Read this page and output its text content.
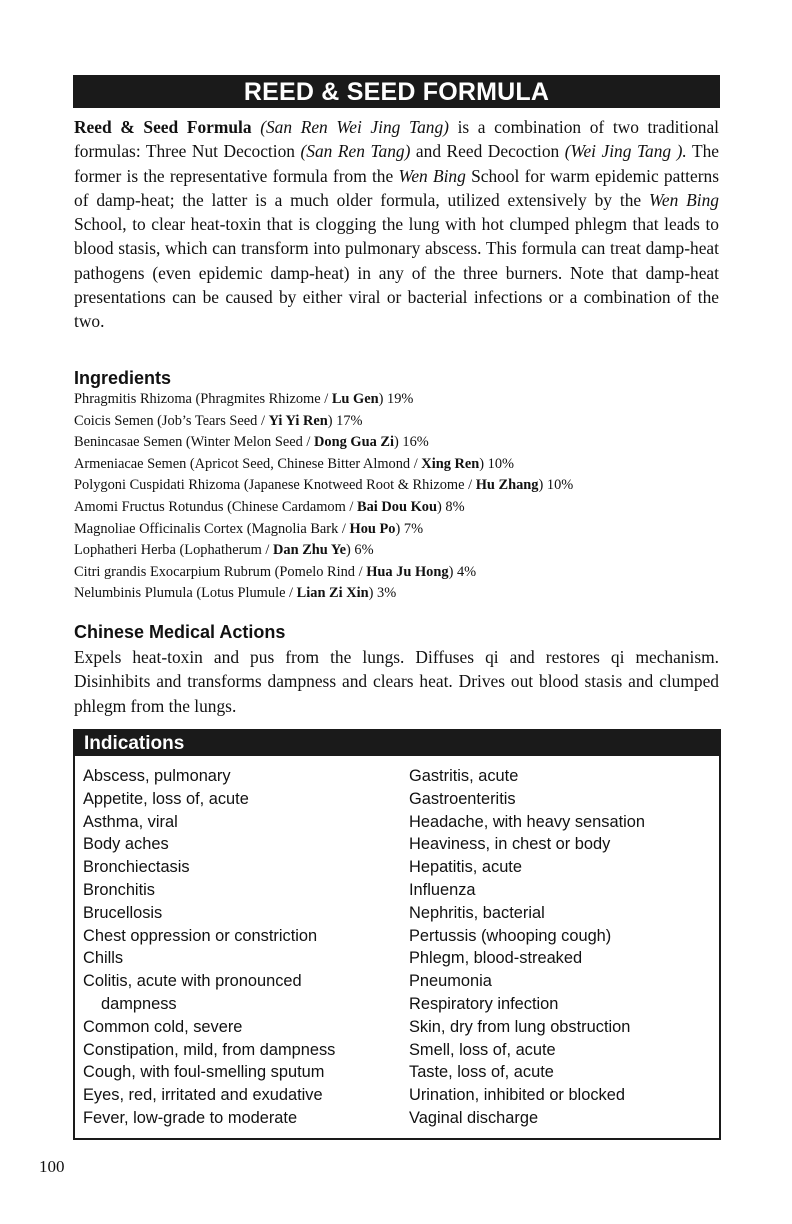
REED & SEED FORMULA

Reed & Seed Formula (San Ren Wei Jing Tang) is a combination of two traditional formulas: Three Nut Decoction (San Ren Tang) and Reed Decoction (Wei Jing Tang ). The former is the representative formula from the Wen Bing School for warm epidemic patterns of damp-heat; the latter is a much older formula, utilized extensively by the Wen Bing School, to clear heat-toxin that is clogging the lung with hot clumped phlegm that leads to blood stasis, which can transform into pulmonary abscess. This formula can treat damp-heat pathogens (even epidemic damp-heat) in any of the three burners. Note that damp-heat presentations can be caused by either viral or bacterial infections or a combination of the two.

Ingredients
Phragmitis Rhizoma (Phragmites Rhizome / Lu Gen) 19%
Coicis Semen (Job’s Tears Seed / Yi Yi Ren) 17%
Benincasae Semen (Winter Melon Seed / Dong Gua Zi) 16%
Armeniacae Semen (Apricot Seed, Chinese Bitter Almond / Xing Ren) 10%
Polygoni Cuspidati Rhizoma (Japanese Knotweed Root & Rhizome / Hu Zhang) 10%
Amomi Fructus Rotundus (Chinese Cardamom / Bai Dou Kou) 8%
Magnoliae Officinalis Cortex (Magnolia Bark / Hou Po) 7%
Lophatheri Herba (Lophatherum / Dan Zhu Ye) 6%
Citri grandis Exocarpium Rubrum (Pomelo Rind / Hua Ju Hong) 4%
Nelumbinis Plumula (Lotus Plumule / Lian Zi Xin) 3%
Chinese Medical Actions

Expels heat-toxin and pus from the lungs. Diffuses qi and restores qi mechanism. Disinhibits and transforms dampness and clears heat. Drives out blood stasis and clumped phlegm from the lungs.

Indications
Abscess, pulmonary
Appetite, loss of, acute
Asthma, viral
Body aches
Bronchiectasis
Bronchitis
Brucellosis
Chest oppression or constriction
Chills
Colitis, acute with pronounced
dampness
Common cold, severe
Constipation, mild, from dampness
Cough, with foul-smelling sputum
Eyes, red, irritated and exudative
Fever, low-grade to moderate
Gastritis, acute
Gastroenteritis
Headache, with heavy sensation
Heaviness, in chest or body
Hepatitis, acute
Influenza
Nephritis, bacterial
Pertussis (whooping cough)
Phlegm, blood-streaked
Pneumonia
Respiratory infection
Skin, dry from lung obstruction
Smell, loss of, acute
Taste, loss of, acute
Urination, inhibited or blocked
Vaginal discharge
100
